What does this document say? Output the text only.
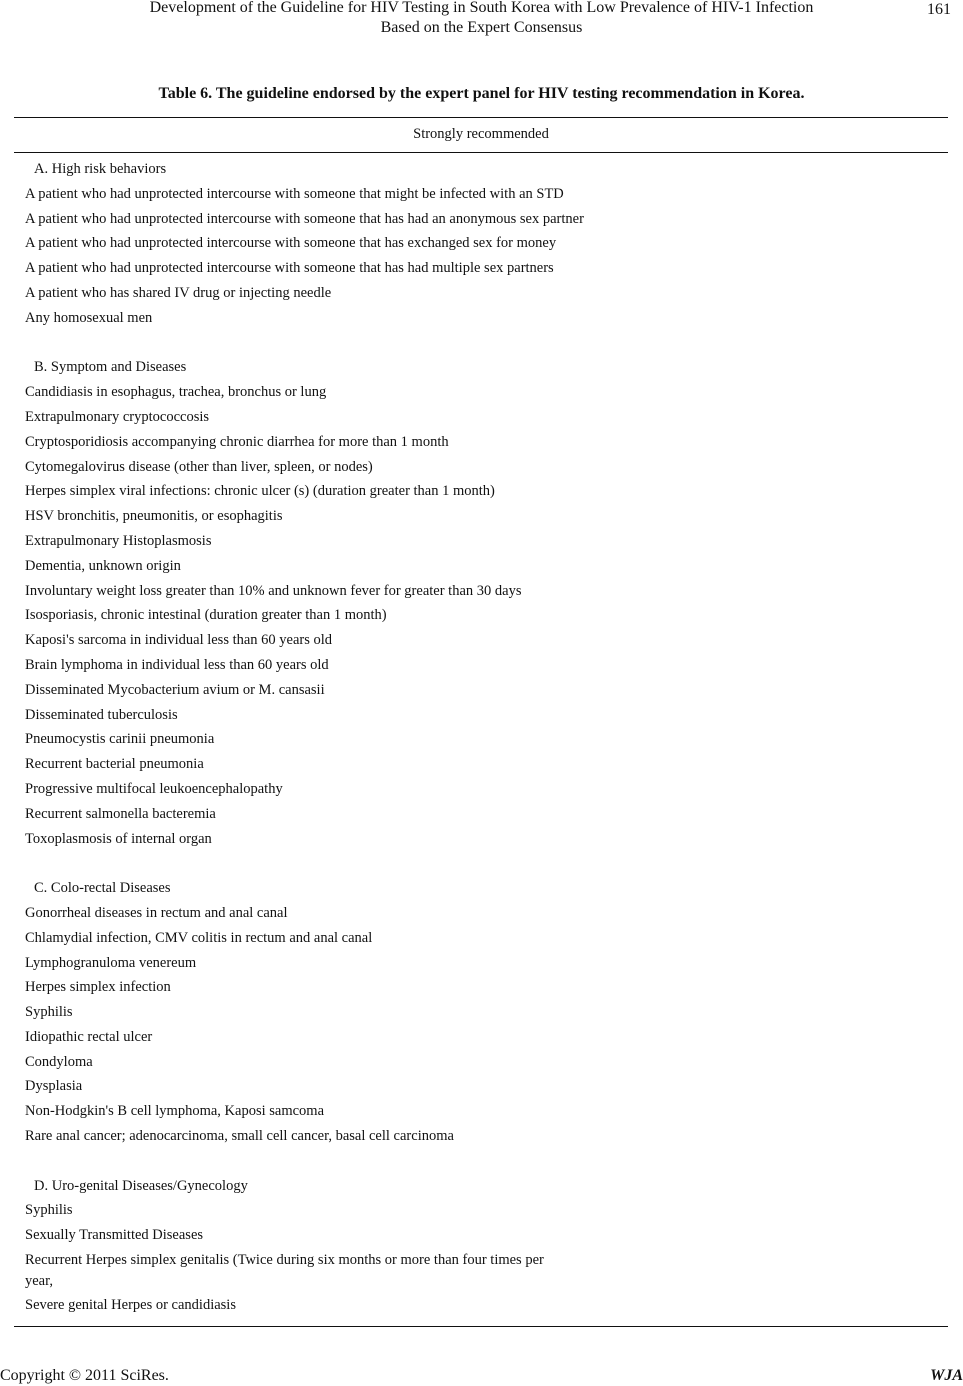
Development of the Guideline for HIV Testing in South Korea with Low Prevalence of HIV-1 Infection
Based on the Expert Consensus
161
Table 6. The guideline endorsed by the expert panel for HIV testing recommendation in Korea.
Strongly recommended
A. High risk behaviors
A patient who had unprotected intercourse with someone that might be infected with an STD
A patient who had unprotected intercourse with someone that has had an anonymous sex partner
A patient who had unprotected intercourse with someone that has exchanged sex for money
A patient who had unprotected intercourse with someone that has had multiple sex partners
A patient who has shared IV drug or injecting needle
Any homosexual men
B. Symptom and Diseases
Candidiasis in esophagus, trachea, bronchus or lung
Extrapulmonary cryptococcosis
Cryptosporidiosis accompanying chronic diarrhea for more than 1 month
Cytomegalovirus disease (other than liver, spleen, or nodes)
Herpes simplex viral infections: chronic ulcer (s) (duration greater than 1 month)
HSV bronchitis, pneumonitis, or esophagitis
Extrapulmonary Histoplasmosis
Dementia, unknown origin
Involuntary weight loss greater than 10% and unknown fever for greater than 30 days
Isosporiasis, chronic intestinal (duration greater than 1 month)
Kaposi's sarcoma in individual less than 60 years old
Brain lymphoma in individual less than 60 years old
Disseminated Mycobacterium avium or M. cansasii
Disseminated tuberculosis
Pneumocystis carinii pneumonia
Recurrent bacterial pneumonia
Progressive multifocal leukoencephalopathy
Recurrent salmonella bacteremia
Toxoplasmosis of internal organ
C. Colo-rectal Diseases
Gonorrheal diseases in rectum and anal canal
Chlamydial infection, CMV colitis in rectum and anal canal
Lymphogranuloma venereum
Herpes simplex infection
Syphilis
Idiopathic rectal ulcer
Condyloma
Dysplasia
Non-Hodgkin's B cell lymphoma, Kaposi samcoma
Rare anal cancer; adenocarcinoma, small cell cancer, basal cell carcinoma
D. Uro-genital Diseases/Gynecology
Syphilis
Sexually Transmitted Diseases
Recurrent Herpes simplex genitalis (Twice during six months or more than four times per
year,
Severe genital Herpes or candidiasis
Copyright © 2011 SciRes.	WJA
